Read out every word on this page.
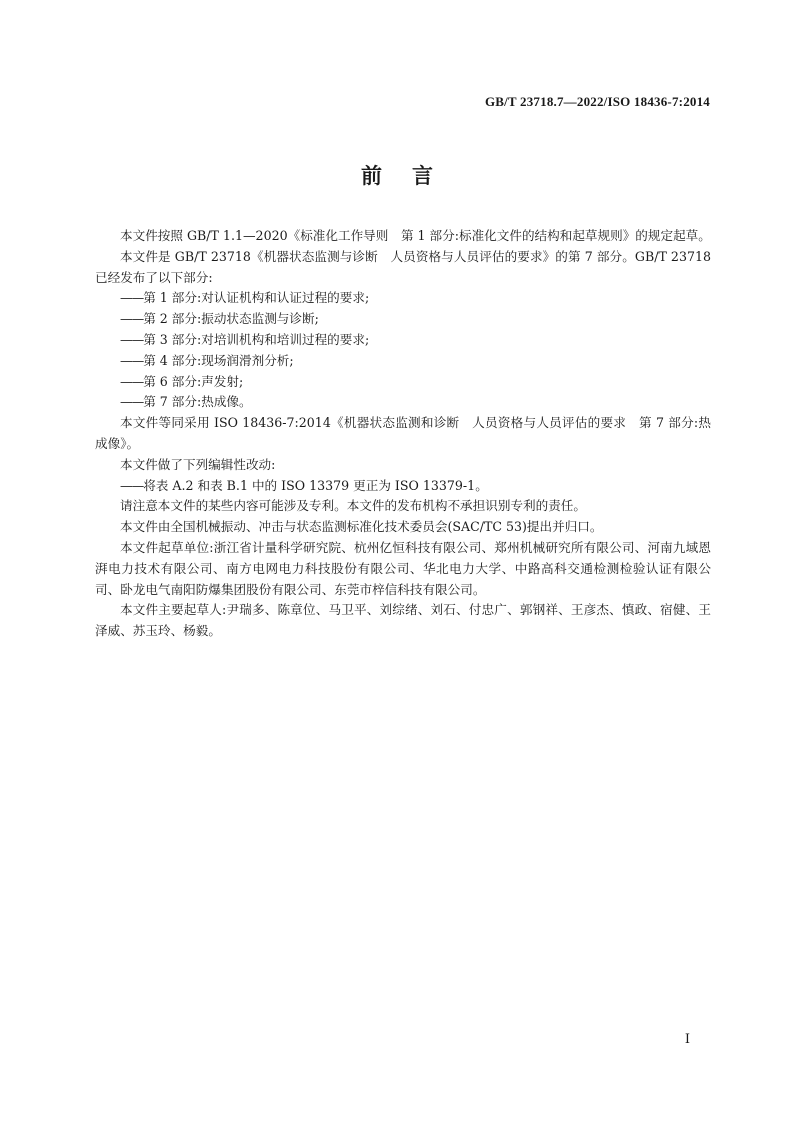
GB/T 23718.7—2022/ISO 18436-7:2014
前言

本文件按照 GB/T 1.1—2020《标准化工作导则　第 1 部分:标准化文件的结构和起草规则》的规定起草。

本文件是 GB/T 23718《机器状态监测与诊断　人员资格与人员评估的要求》的第 7 部分。GB/T 23718 已经发布了以下部分:

——第 1 部分:对认证机构和认证过程的要求;

——第 2 部分:振动状态监测与诊断;

——第 3 部分:对培训机构和培训过程的要求;

——第 4 部分:现场润滑剂分析;

——第 6 部分:声发射;

——第 7 部分:热成像。

本文件等同采用 ISO 18436-7:2014《机器状态监测和诊断　人员资格与人员评估的要求　第 7 部分:热成像》。

本文件做了下列编辑性改动:

——将表 A.2 和表 B.1 中的 ISO 13379 更正为 ISO 13379-1。

请注意本文件的某些内容可能涉及专利。本文件的发布机构不承担识别专利的责任。

本文件由全国机械振动、冲击与状态监测标准化技术委员会(SAC/TC 53)提出并归口。

本文件起草单位:浙江省计量科学研究院、杭州亿恒科技有限公司、郑州机械研究所有限公司、河南九域恩湃电力技术有限公司、南方电网电力科技股份有限公司、华北电力大学、中路高科交通检测检验认证有限公司、卧龙电气南阳防爆集团股份有限公司、东莞市梓信科技有限公司。

本文件主要起草人:尹瑞多、陈章位、马卫平、刘综绪、刘石、付忠广、郭钢祥、王彦杰、慎政、宿健、王泽威、苏玉玲、杨毅。

I
